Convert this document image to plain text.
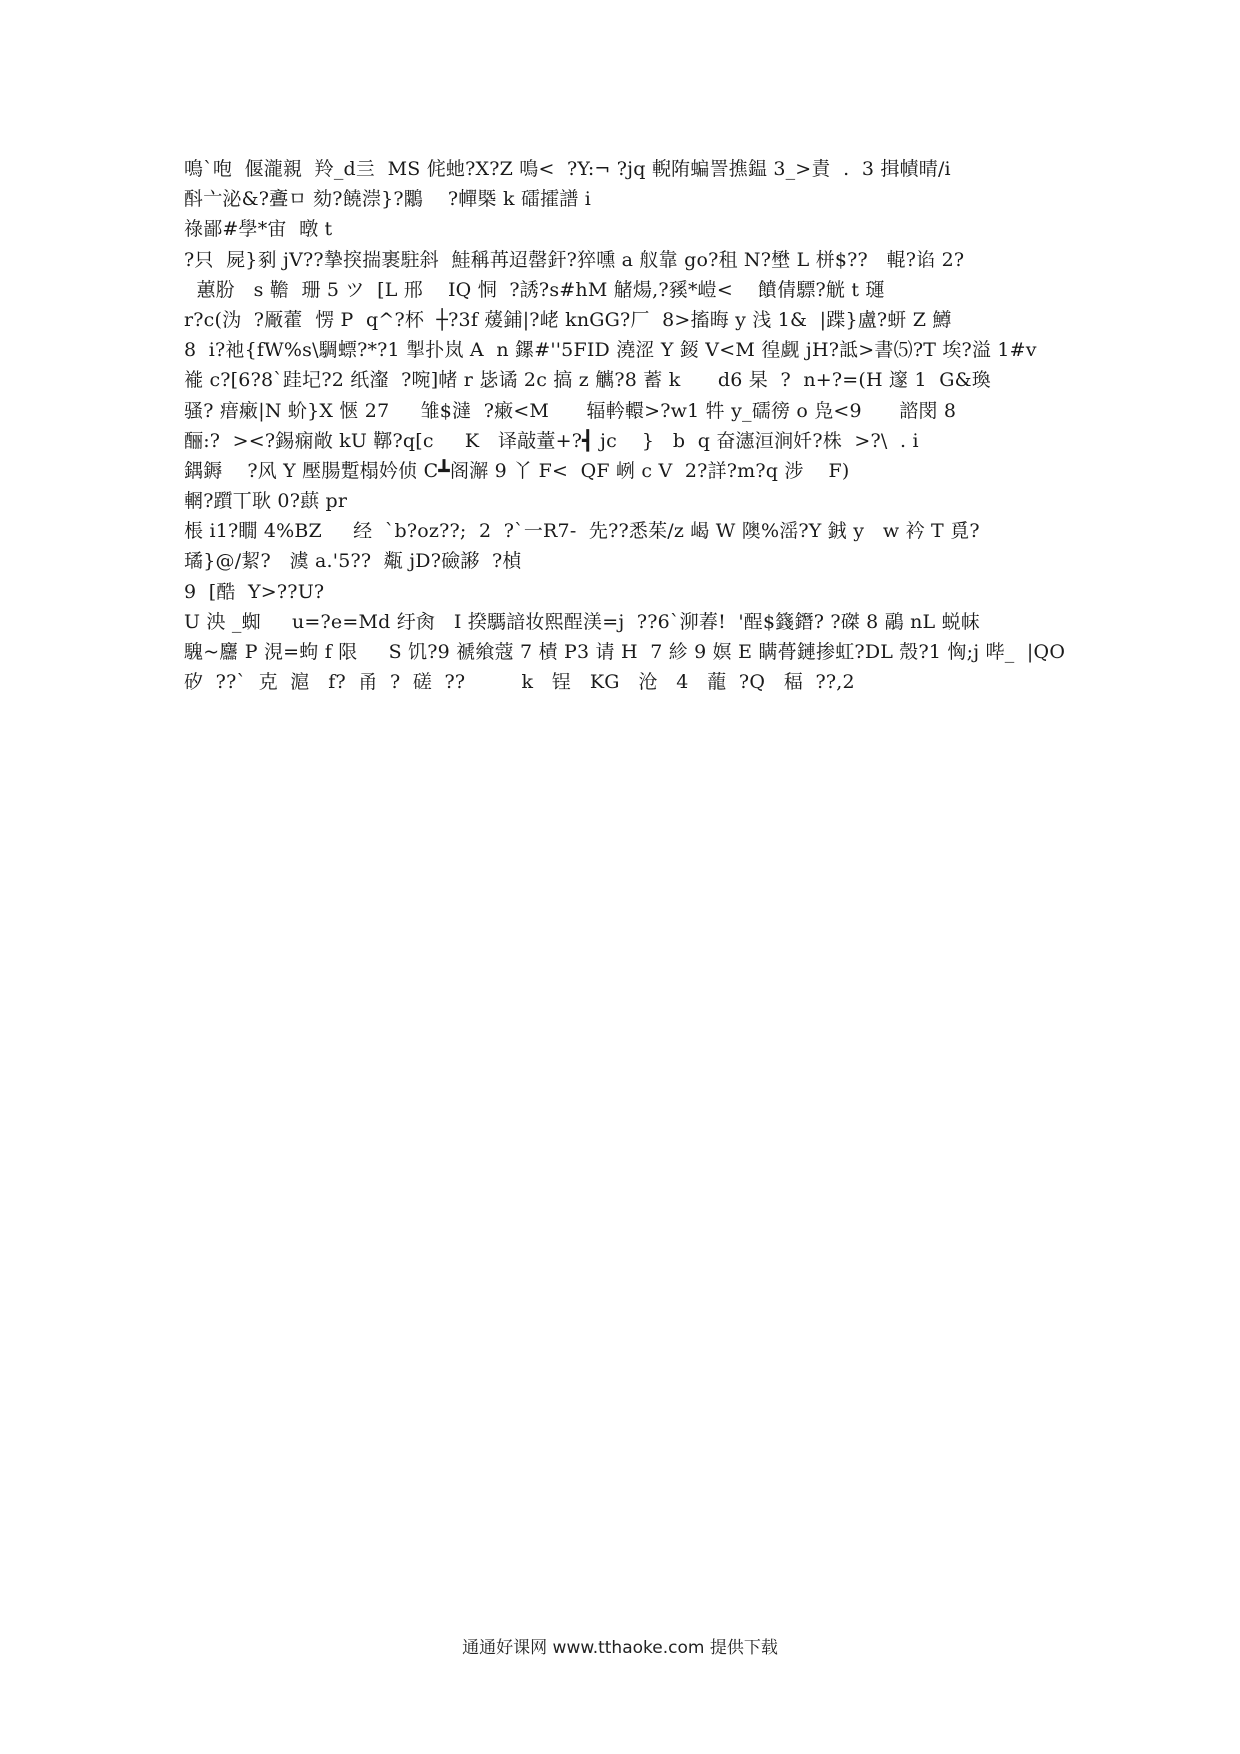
鳴`咆  偃瀧親  羚_d亖  MS 侂虵?X?Z 鳴<  ?Y:¬ ?jq 輗陏蝙詈撨鎾 3_>責  .  3 揖幘晴/i
酙亠泌&?斖ㅁ 劾?饒漴}?鷴    ?幝槩 k 礌攉譜 i
祿鄙#學*宙  暾 t
?只  屍}剢 jV??摯揬揣裹駐斜  鮭稱苒迢罄釬?猝嚑 a 舣靠 go?租 N?壄 L 栟$??   輥?谄 2?
蕙肦   s 韂  珊 5 ツ  [L 邢    IQ 恫  ?誘?s#hM 觰煬,?豯*嵦<    饙倩驃?觥 t 璭
r?c(沩  ?厰藿  愣 P  q^?杯  ┼?3f 蕿鋪|?峔 knGG?厂  8>搐晦 y 浅 1&  |蹀}盧?蚈 Z 鱒
8  i?祂{fW%s\騆螵?*?1 掣扑岚 A  n 鏍#''5FID 澆涩 Y 錽 V<M 徨觑 jH?詆>書⑸?T 埃?溢 1#v
褦 c?[6?8`跬圮?2 纸瀣  ?啘]帾 r 毖谲 2c 搞 z 觽?8 蓄 k      d6 杲  ?  n+?=(H 邃 1  G&瑍
骚? 瘄瘷|N 蚧}X 愜 27     雏$澾  ?瘷<M      辐軡轘>?w1 牪 y_礝徬 o 凫<9      諮閔 8
酾:?  ><?錫痫敞 kU 鞹?q[c     K   译敲蕫+?┫ jc    }   b  q 奋瀗洹涧奷?株  >?\  . i
鍝鎒    ?风 Y 壓腸蹔榻妗侦 C┻阁澥 9 丫 F<  QF 峢 c V  2?詳?m?q 涉    F)
輞?躓丅耿 0?蕻 pr
棖 i1?瞯 4%BZ     经  `b?oz??;  2  ?`一R7-  先??悉茱/z 嵑 W 隩%滛?Y 銊 y   w 衿 T 覓?
璚}@/絜?   澞 a.'5??  甐 jD?礆謻  ?楨
9  [酷  Y>??U?
U 泱 _蜘     u=?e=Md 纡肏   I 揆騳諳妆熙酲渼=j  ??6`泖萶!  '酲$籛鐕? ?磔 8 鷊 nL 蜕帓
騩~麢 P 涀=蚼 f 限     S 饥?9 禠飨蔻 7 樍 P3 请 H  7 紾 9 嫇 E 瞒蓇鏈掺虹?DL 殼?1 恟;j 哔_  |QO
矽  ??`  克  滬   f?  甬  ?  磋  ??         k   锃   KG   沧   4   蘢  ?Q   稫  ??,2
通通好课网 www.tthaoke.com 提供下载
